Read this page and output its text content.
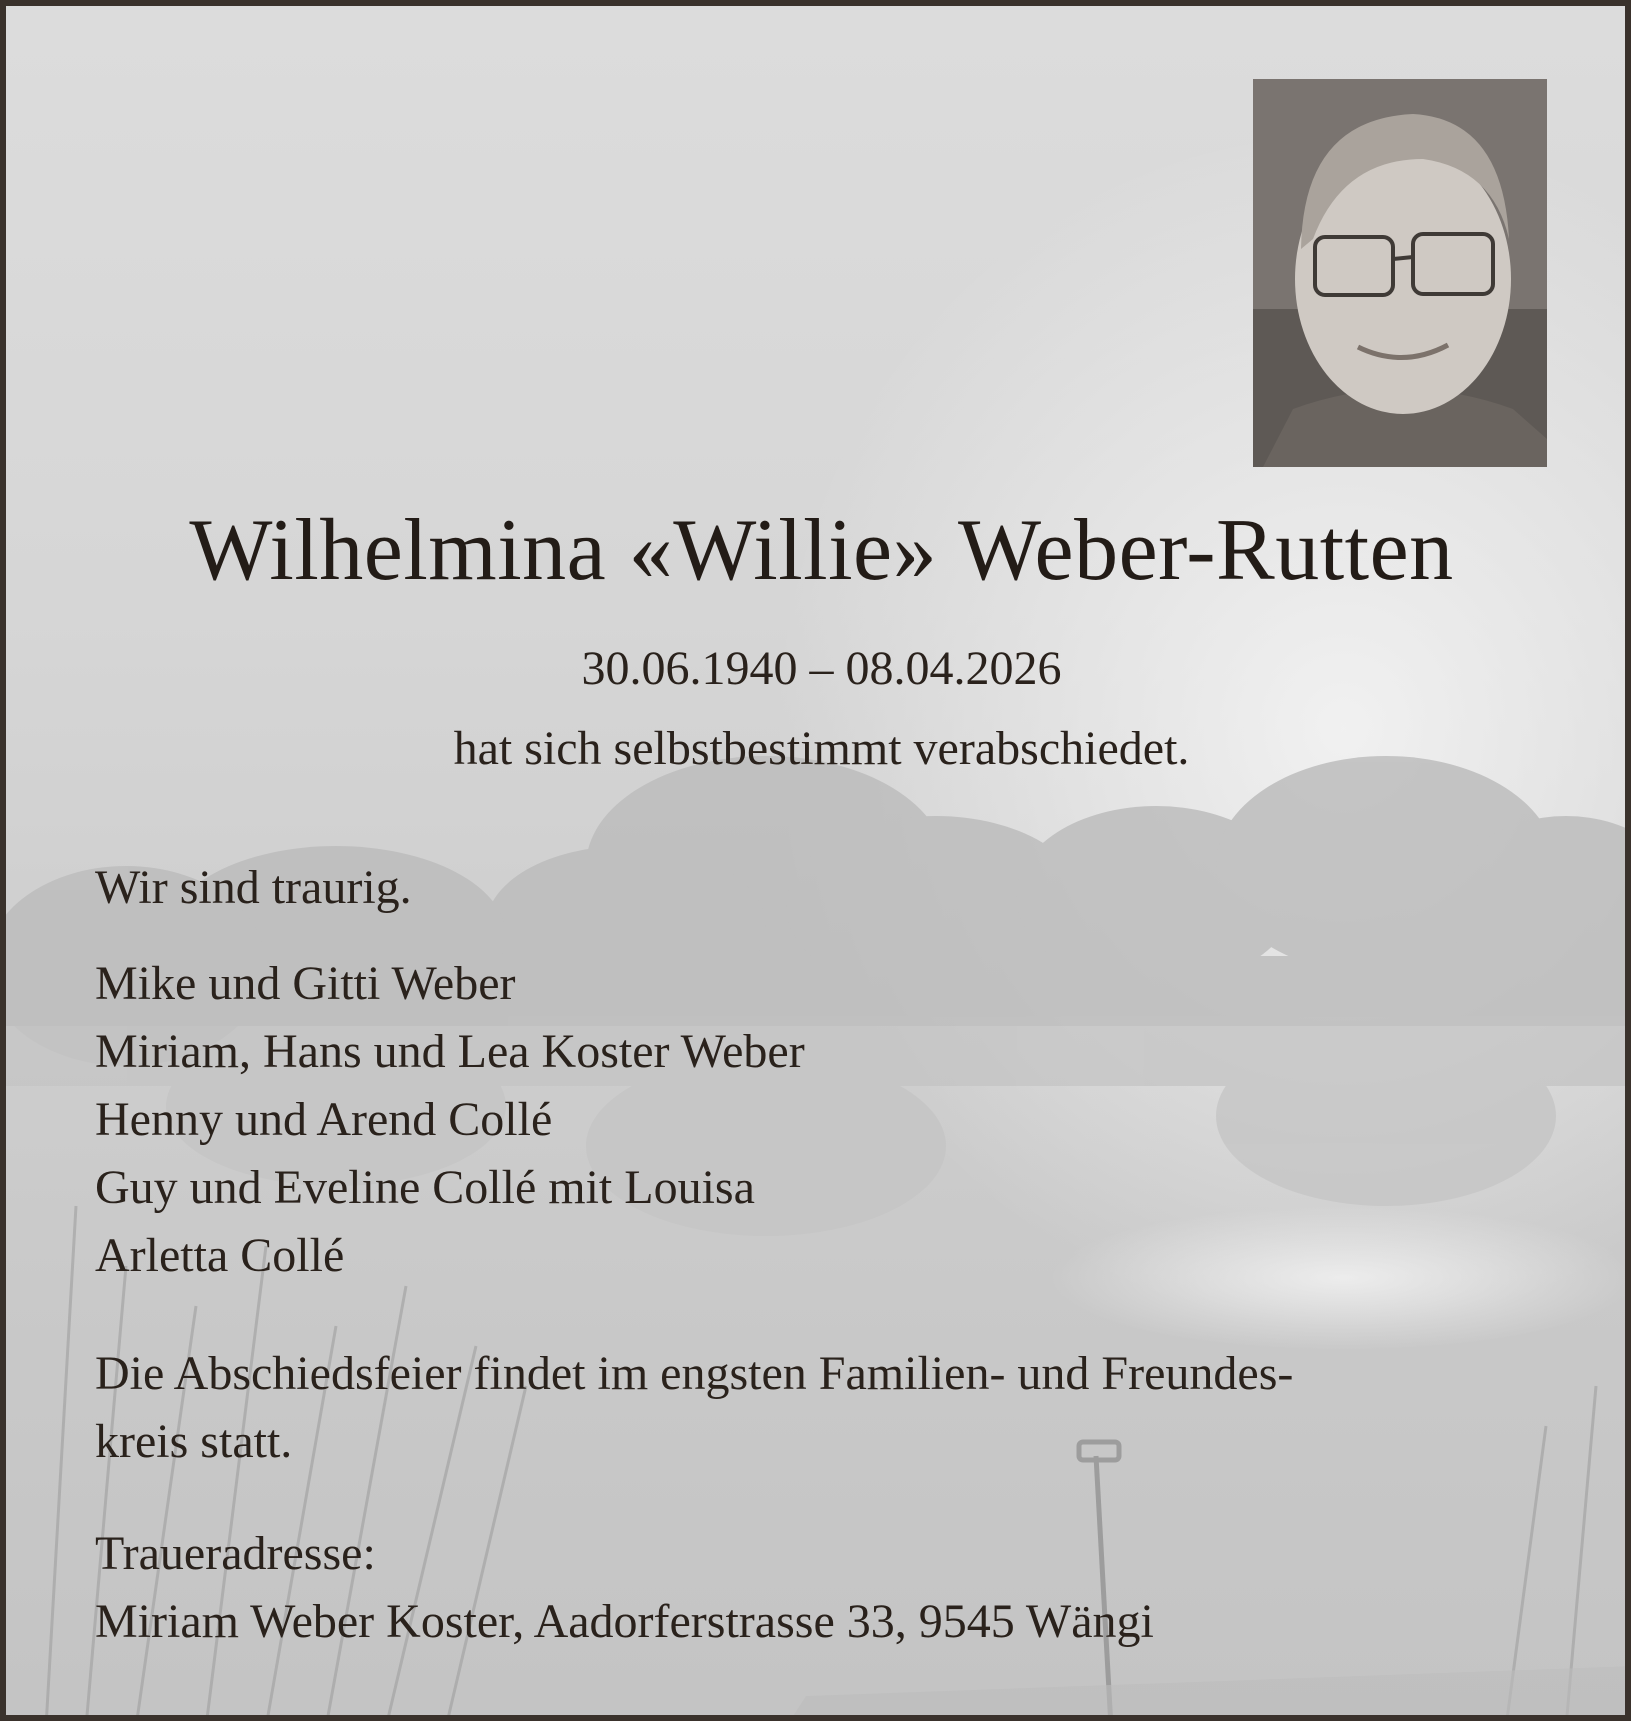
Wilhelmina «Willie» Weber-Rutten
30.06.1940 – 08.04.2026
hat sich selbstbestimmt verabschiedet.
Wir sind traurig.
Mike und Gitti Weber
Miriam, Hans und Lea Koster Weber
Henny und Arend Collé
Guy und Eveline Collé mit Louisa
Arletta Collé
Die Abschiedsfeier findet im engsten Familien- und Freundes-
kreis statt.
Traueradresse:
Miriam Weber Koster, Aadorferstrasse 33, 9545 Wängi
